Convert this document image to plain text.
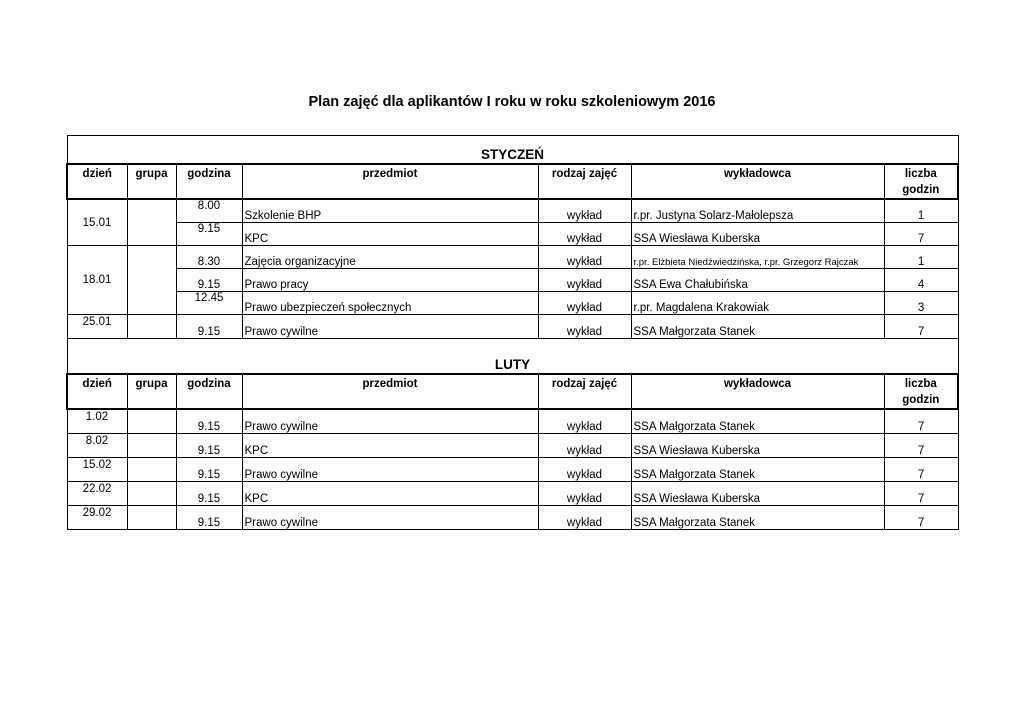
Plan zajęć dla aplikantów I roku w roku szkoleniowym 2016
STYCZEŃ						
dzień	grupa	godzina	przedmiot	rodzaj zajęć	wykładowca	liczba
						godzin
15.01		8.00	Szkolenie BHP	wykład	r.pr. Justyna Solarz-Małolepsza	1
		9.15	KPC	wykład	SSA Wiesława Kuberska	7
18.01		8.30	Zajęcia organizacyjne	wykład	r.pr. Elżbieta Niedźwiedzińska, r.pr. Grzegorz Rajczak	1
		9.15	Prawo pracy	wykład	SSA Ewa Chałubińska	4
		12.45	Prawo ubezpieczeń społecznych	wykład	r.pr. Magdalena Krakowiak	3
25.01		9.15	Prawo cywilne	wykład	SSA Małgorzata Stanek	7
LUTY						
dzień	grupa	godzina	przedmiot	rodzaj zajęć	wykładowca	liczba
						godzin
1.02		9.15	Prawo cywilne	wykład	SSA Małgorzata Stanek	7
8.02		9.15	KPC	wykład	SSA Wiesława Kuberska	7
15.02		9.15	Prawo cywilne	wykład	SSA Małgorzata Stanek	7
22.02		9.15	KPC	wykład	SSA Wiesława Kuberska	7
29.02		9.15	Prawo cywilne	wykład	SSA Małgorzata Stanek	7
